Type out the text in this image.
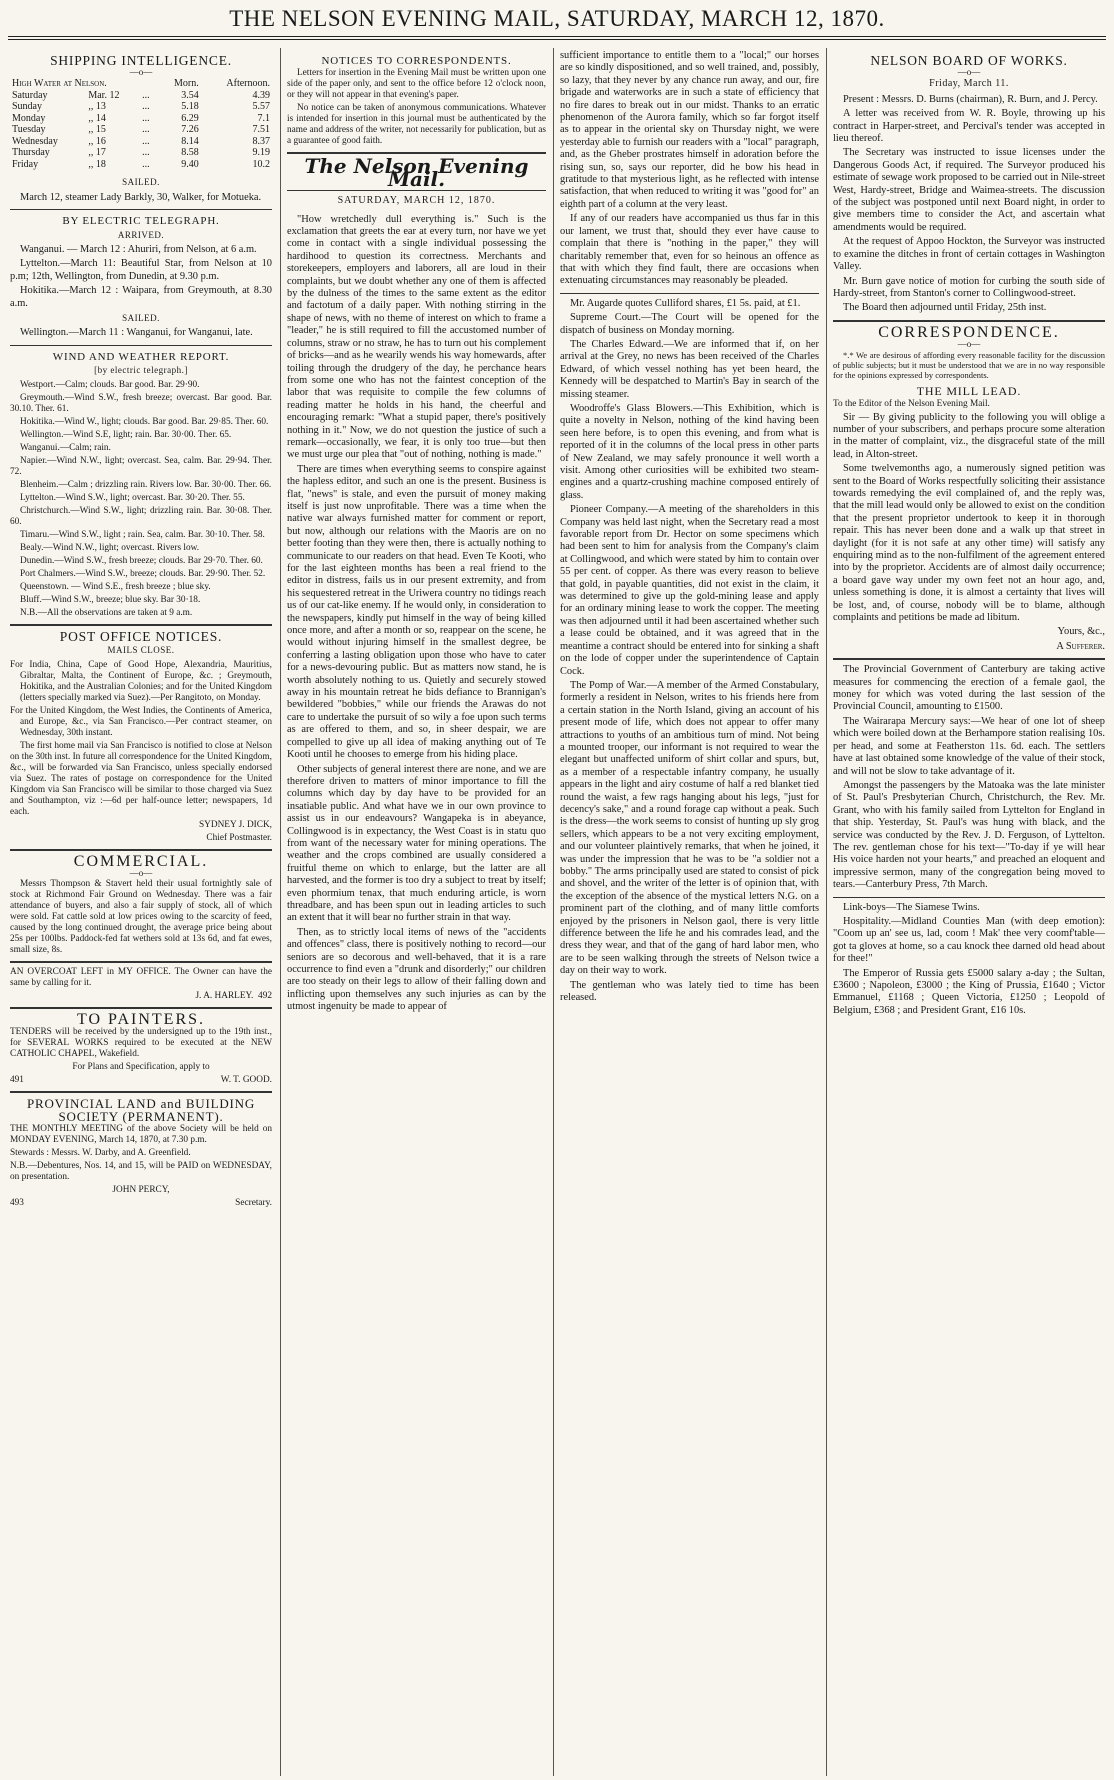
THE NELSON EVENING MAIL, SATURDAY, MARCH 12, 1870.
SHIPPING INTELLIGENCE.
—o—
High Water at Nelson.			Morn.	Afternoon.
Saturday	Mar. 12	...	3.54	4.39
Sunday	,, 13	...	5.18	5.57
Monday	,, 14	...	6.29	7.1
Tuesday	,, 15	...	7.26	7.51
Wednesday	,, 16	...	8.14	8.37
Thursday	,, 17	...	8.58	9.19
Friday	,, 18	...	9.40	10.2
SAILED.

March 12, steamer Lady Barkly, 30, Walker, for Motueka.

BY ELECTRIC TELEGRAPH.
ARRIVED.

Wanganui. — March 12 : Ahuriri, from Nelson, at 6 a.m.

Lyttelton.—March 11: Beautiful Star, from Nelson at 10 p.m; 12th, Wellington, from Dunedin, at 9.30 p.m.

Hokitika.—March 12 : Waipara, from Greymouth, at 8.30 a.m.

SAILED.

Wellington.—March 11 : Wanganui, for Wanganui, late.

WIND AND WEATHER REPORT.
[by electric telegraph.]

Westport.—Calm; clouds. Bar good. Bar. 29·90.

Greymouth.—Wind S.W., fresh breeze; overcast. Bar good. Bar. 30.10. Ther. 61.

Hokitika.—Wind W., light; clouds. Bar good. Bar. 29·85. Ther. 60.

Wellington.—Wind S.E, light; rain. Bar. 30·00. Ther. 65.

Wanganui.—Calm; rain.

Napier.—Wind N.W., light; overcast. Sea, calm. Bar. 29·94. Ther. 72.

Blenheim.—Calm ; drizzling rain. Rivers low. Bar. 30·00. Ther. 66.

Lyttelton.—Wind S.W., light; overcast. Bar. 30·20. Ther. 55.

Christchurch.—Wind S.W., light; drizzling rain. Bar. 30·08. Ther. 60.

Timaru.—Wind S.W., light ; rain. Sea, calm. Bar. 30·10. Ther. 58.

Bealy.—Wind N.W., light; overcast. Rivers low.

Dunedin.—Wind S.W., fresh breeze; clouds. Bar 29·70. Ther. 60.

Port Chalmers.—Wind S.W., breeze; clouds. Bar. 29·90. Ther. 52.

Queenstown. — Wind S.E., fresh breeze ; blue sky.

Bluff.—Wind S.W., breeze; blue sky. Bar 30·18.

N.B.—All the observations are taken at 9 a.m.

POST OFFICE NOTICES.
MAILS CLOSE.

For India, China, Cape of Good Hope, Alexandria, Mauritius, Gibraltar, Malta, the Continent of Europe, &c. ; Greymouth, Hokitika, and the Australian Colonies; and for the United Kingdom (letters specially marked via Suez).—Per Rangitoto, on Monday.

For the United Kingdom, the West Indies, the Continents of America, and Europe, &c., via San Francisco.—Per contract steamer, on Wednesday, 30th instant.

The first home mail via San Francisco is notified to close at Nelson on the 30th inst. In future all correspondence for the United Kingdom, &c., will be forwarded via San Francisco, unless specially endorsed via Suez. The rates of postage on correspondence for the United Kingdom via San Francisco will be similar to those charged via Suez and Southampton, viz :—6d per half-ounce letter; newspapers, 1d each.

SYDNEY J. DICK,

Chief Postmaster.

COMMERCIAL.
—o—

Messrs Thompson & Stavert held their usual fortnightly sale of stock at Richmond Fair Ground on Wednesday. There was a fair attendance of buyers, and also a fair supply of stock, all of which were sold. Fat cattle sold at low prices owing to the scarcity of feed, caused by the long continued drought, the average price being about 25s per 100lbs. Paddock-fed fat wethers sold at 13s 6d, and fat ewes, small size, 8s.

AN OVERCOAT LEFT in MY OFFICE. The Owner can have the same by calling for it.

J. A. HARLEY. 492

TO PAINTERS.

TENDERS will be received by the undersigned up to the 19th inst., for SEVERAL WORKS required to be executed at the NEW CATHOLIC CHAPEL, Wakefield.

For Plans and Specification, apply to

491	W. T. GOOD.

PROVINCIAL LAND and BUILDING SOCIETY (PERMANENT).

THE MONTHLY MEETING of the above Society will be held on MONDAY EVENING, March 14, 1870, at 7.30 p.m.

Stewards : Messrs. W. Darby, and A. Greenfield.

N.B.—Debentures, Nos. 14, and 15, will be PAID on WEDNESDAY, on presentation.

JOHN PERCY,

493	Secretary.

NOTICES TO CORRESPONDENTS.

Letters for insertion in the Evening Mail must be written upon one side of the paper only, and sent to the office before 12 o'clock noon, or they will not appear in that evening's paper.

No notice can be taken of anonymous communications. Whatever is intended for insertion in this journal must be authenticated by the name and address of the writer, not necessarily for publication, but as a guarantee of good faith.

The Nelson Evening Mail.
SATURDAY, MARCH 12, 1870.

"How wretchedly dull everything is." Such is the exclamation that greets the ear at every turn, nor have we yet come in contact with a single individual possessing the hardihood to question its correctness. Merchants and storekeepers, employers and laborers, all are loud in their complaints, but we doubt whether any one of them is affected by the dulness of the times to the same extent as the editor and factotum of a daily paper. With nothing stirring in the shape of news, with no theme of interest on which to frame a "leader," he is still required to fill the accustomed number of columns, straw or no straw, he has to turn out his complement of bricks—and as he wearily wends his way homewards, after toiling through the drudgery of the day, he perchance hears from some one who has not the faintest conception of the labor that was requisite to compile the few columns of reading matter he holds in his hand, the cheerful and encouraging remark: "What a stupid paper, there's positively nothing in it." Now, we do not question the justice of such a remark—occasionally, we fear, it is only too true—but then we must urge our plea that "out of nothing, nothing is made."

There are times when everything seems to conspire against the hapless editor, and such an one is the present. Business is flat, "news" is stale, and even the pursuit of money making itself is just now unprofitable. There was a time when the native war always furnished matter for comment or report, but now, although our relations with the Maoris are on no better footing than they were then, there is actually nothing to communicate to our readers on that head. Even Te Kooti, who for the last eighteen months has been a real friend to the editor in distress, fails us in our present extremity, and from his sequestered retreat in the Uriwera country no tidings reach us of our cat-like enemy. If he would only, in consideration to the newspapers, kindly put himself in the way of being killed once more, and after a month or so, reappear on the scene, he would without injuring himself in the smallest degree, be conferring a lasting obligation upon those who have to cater for a news-devouring public. But as matters now stand, he is worth absolutely nothing to us. Quietly and securely stowed away in his mountain retreat he bids defiance to Brannigan's bewildered "bobbies," while our friends the Arawas do not care to undertake the pursuit of so wily a foe upon such terms as are offered to them, and so, in sheer despair, we are compelled to give up all idea of making anything out of Te Kooti until he chooses to emerge from his hiding place.

Other subjects of general interest there are none, and we are therefore driven to matters of minor importance to fill the columns which day by day have to be provided for an insatiable public. And what have we in our own province to assist us in our endeavours? Wangapeka is in abeyance, Collingwood is in expectancy, the West Coast is in statu quo from want of the necessary water for mining operations. The weather and the crops combined are usually considered a fruitful theme on which to enlarge, but the latter are all harvested, and the former is too dry a subject to treat by itself; even phormium tenax, that much enduring article, is worn threadbare, and has been spun out in leading articles to such an extent that it will bear no further strain in that way.

Then, as to strictly local items of news of the "accidents and offences" class, there is positively nothing to record—our seniors are so decorous and well-behaved, that it is a rare occurrence to find even a "drunk and disorderly;" our children are too steady on their legs to allow of their falling down and inflicting upon themselves any such injuries as can by the utmost ingenuity be made to appear of

sufficient importance to entitle them to a "local;" our horses are so kindly dispositioned, and so well trained, and, possibly, so lazy, that they never by any chance run away, and our, fire brigade and waterworks are in such a state of efficiency that no fire dares to break out in our midst. Thanks to an erratic phenomenon of the Aurora family, which so far forgot itself as to appear in the oriental sky on Thursday night, we were yesterday able to furnish our readers with a "local" paragraph, and, as the Gheber prostrates himself in adoration before the rising sun, so, says our reporter, did he bow his head in gratitude to that mysterious light, as he reflected with intense satisfaction, that when reduced to writing it was "good for" an eighth part of a column at the very least.

If any of our readers have accompanied us thus far in this our lament, we trust that, should they ever have cause to complain that there is "nothing in the paper," they will charitably remember that, even for so heinous an offence as that with which they find fault, there are occasions when extenuating circumstances may reasonably be pleaded.

Mr. Augarde quotes Culliford shares, £1 5s. paid, at £1.

Supreme Court.—The Court will be opened for the dispatch of business on Monday morning.

The Charles Edward.—We are informed that if, on her arrival at the Grey, no news has been received of the Charles Edward, of which vessel nothing has yet been heard, the Kennedy will be despatched to Martin's Bay in search of the missing steamer.

Woodroffe's Glass Blowers.—This Exhibition, which is quite a novelty in Nelson, nothing of the kind having been seen here before, is to open this evening, and from what is reported of it in the columns of the local press in other parts of New Zealand, we may safely pronounce it well worth a visit. Among other curiosities will be exhibited two steam-engines and a quartz-crushing machine composed entirely of glass.

Pioneer Company.—A meeting of the shareholders in this Company was held last night, when the Secretary read a most favorable report from Dr. Hector on some specimens which had been sent to him for analysis from the Company's claim at Collingwood, and which were stated by him to contain over 55 per cent. of copper. As there was every reason to believe that gold, in payable quantities, did not exist in the claim, it was determined to give up the gold-mining lease and apply for an ordinary mining lease to work the copper. The meeting was then adjourned until it had been ascertained whether such a lease could be obtained, and it was agreed that in the meantime a contract should be entered into for sinking a shaft on the lode of copper under the superintendence of Captain Cock.

The Pomp of War.—A member of the Armed Constabulary, formerly a resident in Nelson, writes to his friends here from a certain station in the North Island, giving an account of his present mode of life, which does not appear to offer many attractions to youths of an ambitious turn of mind. Not being a mounted trooper, our informant is not required to wear the elegant but unaffected uniform of shirt collar and spurs, but, as a member of a respectable infantry company, he usually appears in the light and airy costume of half a red blanket tied round the waist, a few rags hanging about his legs, "just for decency's sake," and a round forage cap without a peak. Such is the dress—the work seems to consist of hunting up sly grog sellers, which appears to be a not very exciting employment, and our volunteer plaintively remarks, that when he joined, it was under the impression that he was to be "a soldier not a bobby." The arms principally used are stated to consist of pick and shovel, and the writer of the letter is of opinion that, with the exception of the absence of the mystical letters N.G. on a prominent part of the clothing, and of many little comforts enjoyed by the prisoners in Nelson gaol, there is very little difference between the life he and his comrades lead, and the dress they wear, and that of the gang of hard labor men, who are to be seen walking through the streets of Nelson twice a day on their way to work.

The gentleman who was lately tied to time has been released.

NELSON BOARD OF WORKS.
—o—
Friday, March 11.

Present : Messrs. D. Burns (chairman), R. Burn, and J. Percy.

A letter was received from W. R. Boyle, throwing up his contract in Harper-street, and Percival's tender was accepted in lieu thereof.

The Secretary was instructed to issue licenses under the Dangerous Goods Act, if required. The Surveyor produced his estimate of sewage work proposed to be carried out in Nile-street West, Hardy-street, Bridge and Waimea-streets. The discussion of the subject was postponed until next Board night, in order to give members time to consider the Act, and ascertain what amendments would be required.

At the request of Appoo Hockton, the Surveyor was instructed to examine the ditches in front of certain cottages in Washington Valley.

Mr. Burn gave notice of motion for curbing the south side of Hardy-street, from Stanton's corner to Collingwood-street.

The Board then adjourned until Friday, 25th inst.

CORRESPONDENCE.
—o—

*.* We are desirous of affording every reasonable facility for the discussion of public subjects; but it must be understood that we are in no way responsible for the opinions expressed by correspondents.

THE MILL LEAD.

To the Editor of the Nelson Evening Mail.

Sir — By giving publicity to the following you will oblige a number of your subscribers, and perhaps procure some alteration in the matter of complaint, viz., the disgraceful state of the mill lead, in Alton-street.

Some twelvemonths ago, a numerously signed petition was sent to the Board of Works respectfully soliciting their assistance towards remedying the evil complained of, and the reply was, that the mill lead would only be allowed to exist on the condition that the present proprietor undertook to keep it in thorough repair. This has never been done and a walk up that street in daylight (for it is not safe at any other time) will satisfy any enquiring mind as to the non-fulfilment of the agreement entered into by the proprietor. Accidents are of almost daily occurrence; a board gave way under my own feet not an hour ago, and, unless something is done, it is almost a certainty that lives will be lost, and, of course, nobody will be to blame, although complaints and petitions be made ad libitum.

Yours, &c.,

A Sufferer.

The Provincial Government of Canterbury are taking active measures for commencing the erection of a female gaol, the money for which was voted during the last session of the Provincial Council, amounting to £1500.

The Wairarapa Mercury says:—We hear of one lot of sheep which were boiled down at the Berhampore station realising 10s. per head, and some at Featherston 11s. 6d. each. The settlers have at last obtained some knowledge of the value of their stock, and will not be slow to take advantage of it.

Amongst the passengers by the Matoaka was the late minister of St. Paul's Presbyterian Church, Christchurch, the Rev. Mr. Grant, who with his family sailed from Lyttelton for England in that ship. Yesterday, St. Paul's was hung with black, and the service was conducted by the Rev. J. D. Ferguson, of Lyttelton. The rev. gentleman chose for his text—"To-day if ye will hear His voice harden not your hearts," and preached an eloquent and impressive sermon, many of the congregation being moved to tears.—Canterbury Press, 7th March.

Link-boys—The Siamese Twins.

Hospitality.—Midland Counties Man (with deep emotion): "Coom up an' see us, lad, coom ! Mak' thee very coomf'table—got ta gloves at home, so a cau knock thee darned old head about for thee!"

The Emperor of Russia gets £5000 salary a-day ; the Sultan, £3600 ; Napoleon, £3000 ; the King of Prussia, £1640 ; Victor Emmanuel, £1168 ; Queen Victoria, £1250 ; Leopold of Belgium, £368 ; and President Grant, £16 10s.
